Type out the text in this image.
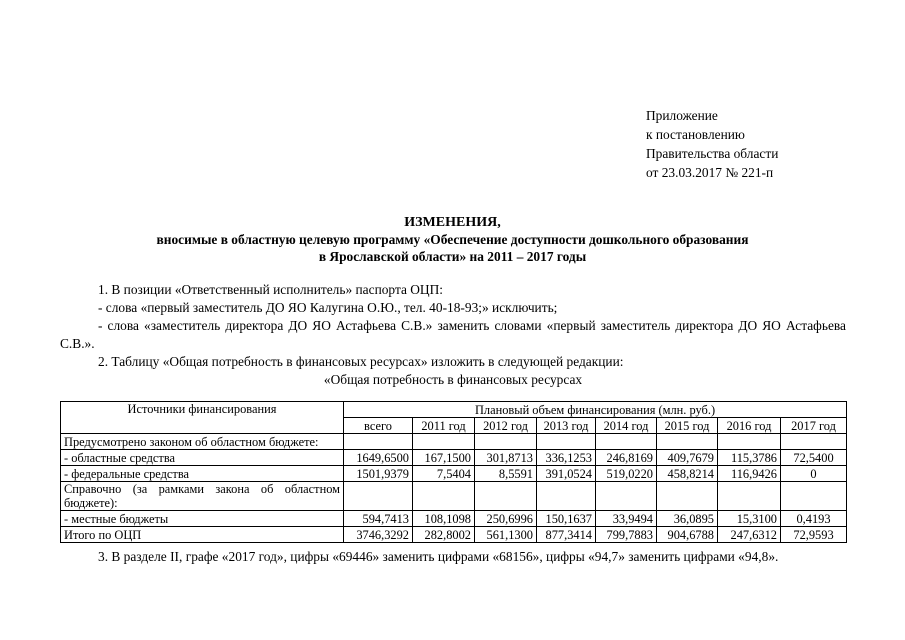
Приложение
к постановлению
Правительства области
от 23.03.2017 № 221-п
ИЗМЕНЕНИЯ,
вносимые в областную целевую программу «Обеспечение доступности дошкольного образования
в Ярославской области» на 2011 – 2017 годы
1. В позиции «Ответственный исполнитель» паспорта ОЦП:
- слова «первый заместитель ДО ЯО Калугина О.Ю., тел. 40-18-93;» исключить;
- слова «заместитель директора ДО ЯО Астафьева С.В.» заменить словами «первый заместитель директора ДО ЯО Астафьева С.В.».
2. Таблицу «Общая потребность в финансовых ресурсах» изложить в следующей редакции:
«Общая потребность в финансовых ресурсах
Источники финансирования	Плановый объем финансирования (млн. руб.)							
	всего	2011 год	2012 год	2013 год	2014 год	2015 год	2016 год	2017 год
Предусмотрено законом об областном бюджете:								
- областные средства	1649,6500	167,1500	301,8713	336,1253	246,8169	409,7679	115,3786	72,5400
- федеральные средства	1501,9379	7,5404	8,5591	391,0524	519,0220	458,8214	116,9426	0
Справочно (за рамками закона об областном бюджете):								
- местные бюджеты	594,7413	108,1098	250,6996	150,1637	33,9494	36,0895	15,3100	0,4193
Итого по ОЦП	3746,3292	282,8002	561,1300	877,3414	799,7883	904,6788	247,6312	72,9593
3. В разделе II, графе «2017 год», цифры «69446» заменить цифрами «68156», цифры «94,7» заменить цифрами «94,8».
